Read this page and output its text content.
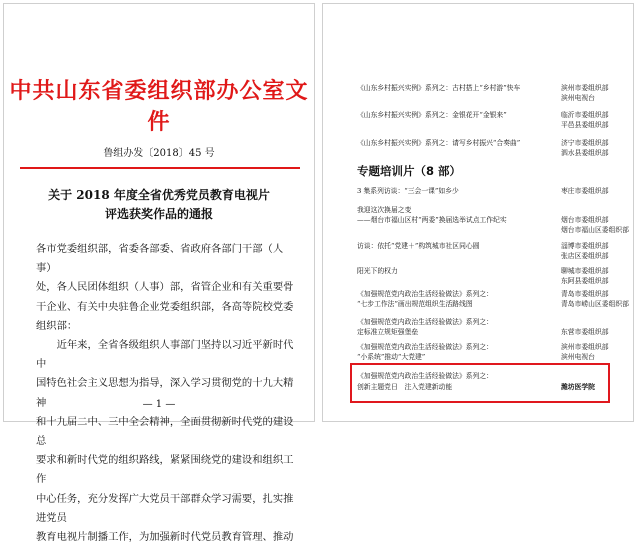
中共山东省委组织部办公室文件
鲁组办发〔2018〕45 号
关于 2018 年度全省优秀党员教育电视片
评选获奖作品的通报

各市党委组织部，省委各部委、省政府各部门干部（人事）

处，各人民团体组织（人事）部，省管企业和有关重要骨

干企业、有关中央驻鲁企业党委组织部，各高等院校党委组织部：

近年来，全省各级组织人事部门坚持以习近平新时代中

国特色社会主义思想为指导，深入学习贯彻党的十九大精神

和十九届二中、三中全会精神，全面贯彻新时代党的建设总

要求和新时代党的组织路线，紧紧围绕党的建设和组织工作

中心任务，充分发挥广大党员干部群众学习需要，扎实推进党员

教育电视片制播工作，为加强新时代党员教育管理、推动

— 1 —
《山东乡村振兴实例》系列之：古村搭上“乡村游”快车	滨州市委组织部
滨州电视台
《山东乡村振兴实例》系列之：金银花开“金银来”	临沂市委组织部
平邑县委组织部
《山东乡村振兴实例》系列之：请写乡村振兴“合奏曲”	济宁市委组织部
泗水县委组织部
专题培训片（8 部）
3 集系列访谈：“三会一课”如乡少	枣庄市委组织部
我迎这次换届之变
——烟台市福山区村“两委”换届选举试点工作纪实	烟台市委组织部
烟台市福山区委组织部
访谈：依托“党建＋”构筑城市社区同心圆	淄博市委组织部
张店区委组织部
阳光下的权力	聊城市委组织部
东阿县委组织部
《加强规范党内政治生活经验做法》系列之：	青岛市委组织部
“七步工作法”画出规范组织生活路线图	青岛市崂山区委组织部
《加强规范党内政治生活经验做法》系列之：
定标准立规矩强堡垒	东营市委组织部
《加强规范党内政治生活经验做法》系列之：	滨州市委组织部
“小系统”推动“大党建”	滨州电视台
《加强规范党内政治生活经验做法》系列之：
创新主题党日　注入党建新动能	潍坊医学院
